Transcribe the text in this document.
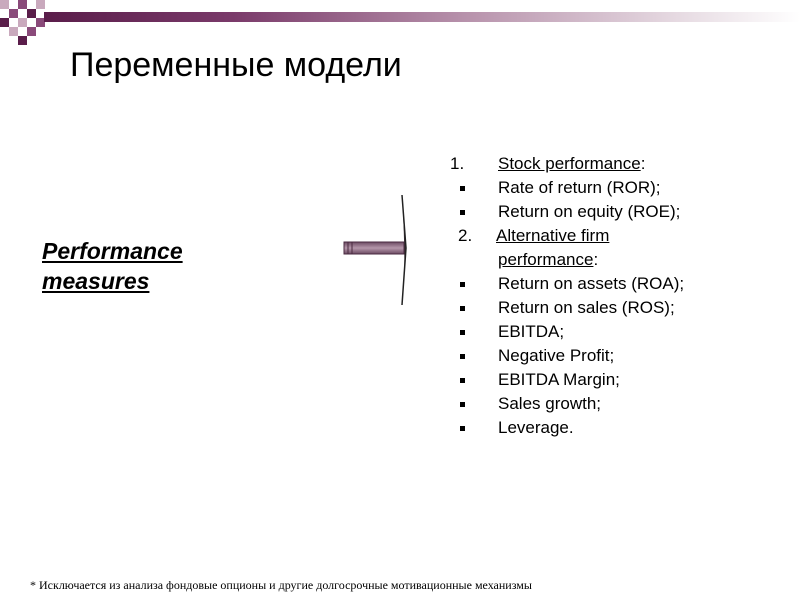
Переменные модели
Performance measures
1. Stock performance:
Rate of return (ROR);
Return on equity (ROE);
2. Alternative firm
performance:
Return on assets (ROA);
Return on sales (ROS);
EBITDA;
Negative Profit;
EBITDA Margin;
Sales growth;
Leverage.
* Исключается из анализа фондовые опционы и другие долгосрочные мотивационные механизмы
